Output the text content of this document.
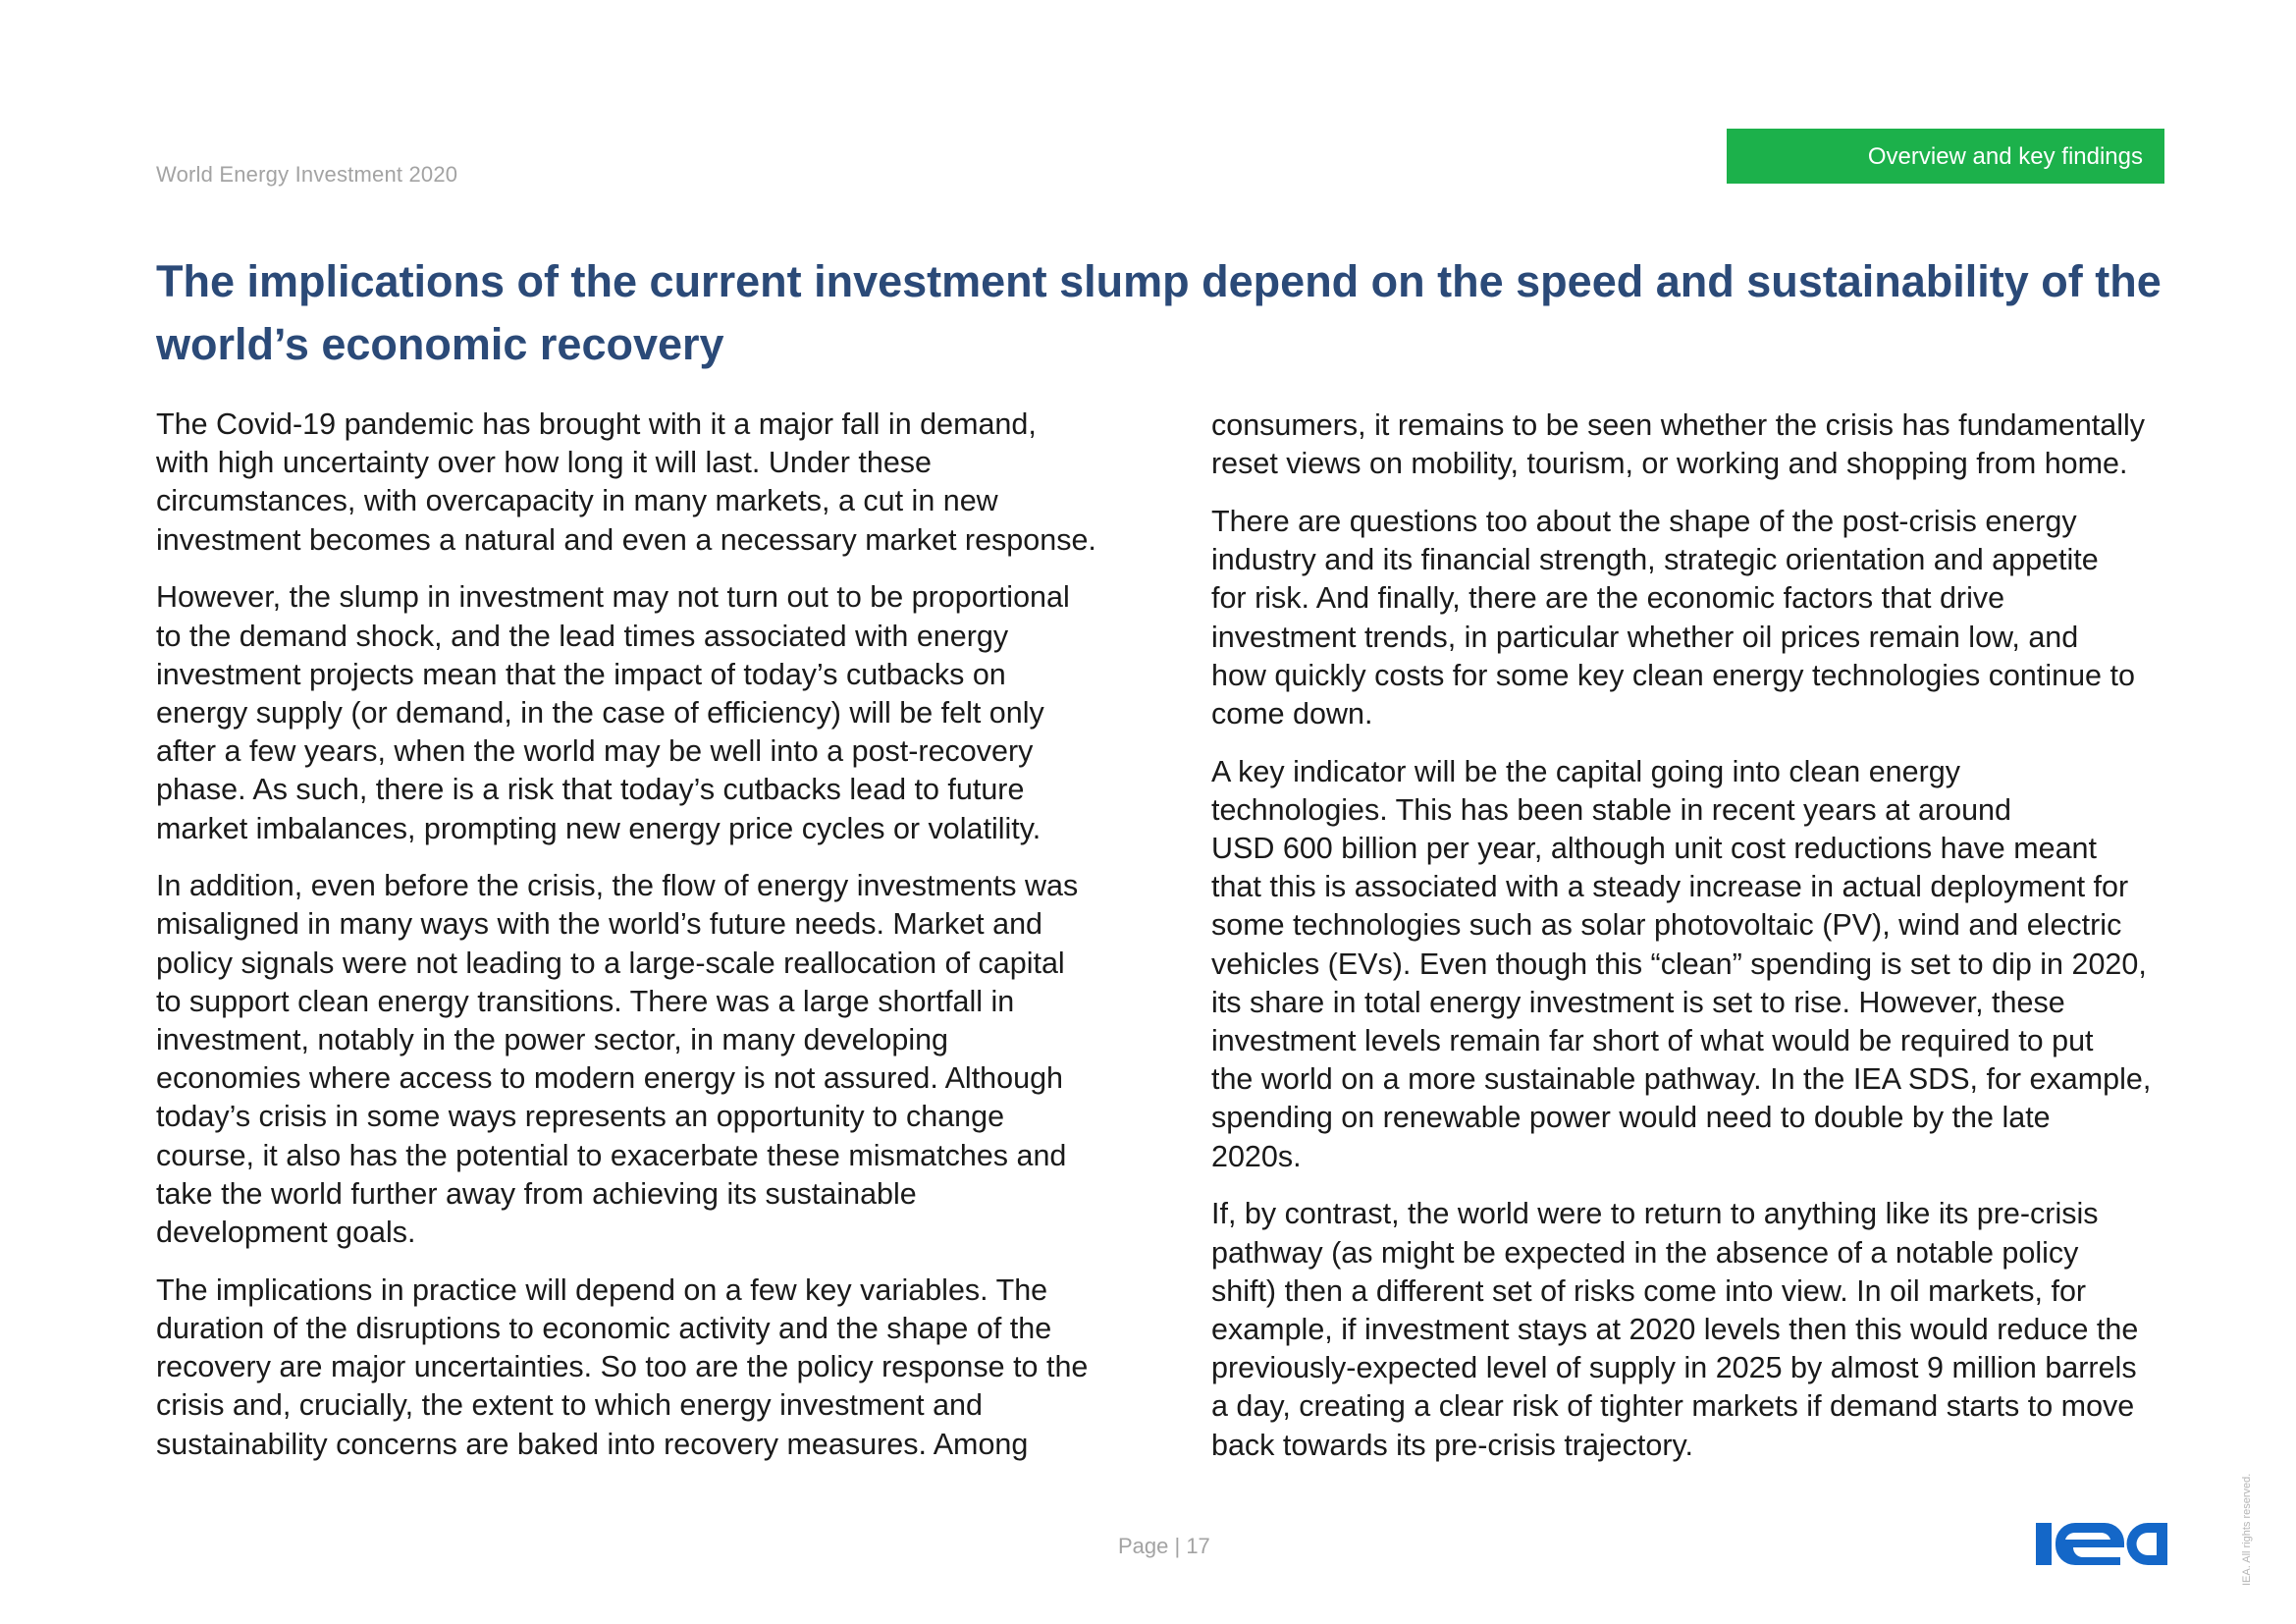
World Energy Investment 2020
Overview and key findings
The implications of the current investment slump depend on the speed and sustainability of the
world’s economic recovery

The Covid-19 pandemic has brought with it a major fall in demand,
with high uncertainty over how long it will last. Under these
circumstances, with overcapacity in many markets, a cut in new
investment becomes a natural and even a necessary market response.

However, the slump in investment may not turn out to be proportional
to the demand shock, and the lead times associated with energy
investment projects mean that the impact of today’s cutbacks on
energy supply (or demand, in the case of efficiency) will be felt only
after a few years, when the world may be well into a post-recovery
phase. As such, there is a risk that today’s cutbacks lead to future
market imbalances, prompting new energy price cycles or volatility.

In addition, even before the crisis, the flow of energy investments was
misaligned in many ways with the world’s future needs. Market and
policy signals were not leading to a large-scale reallocation of capital
to support clean energy transitions. There was a large shortfall in
investment, notably in the power sector, in many developing
economies where access to modern energy is not assured. Although
today’s crisis in some ways represents an opportunity to change
course, it also has the potential to exacerbate these mismatches and
take the world further away from achieving its sustainable
development goals.

The implications in practice will depend on a few key variables. The
duration of the disruptions to economic activity and the shape of the
recovery are major uncertainties. So too are the policy response to the
crisis and, crucially, the extent to which energy investment and
sustainability concerns are baked into recovery measures. Among

consumers, it remains to be seen whether the crisis has fundamentally
reset views on mobility, tourism, or working and shopping from home.

There are questions too about the shape of the post-crisis energy
industry and its financial strength, strategic orientation and appetite
for risk. And finally, there are the economic factors that drive
investment trends, in particular whether oil prices remain low, and
how quickly costs for some key clean energy technologies continue to
come down.

A key indicator will be the capital going into clean energy
technologies. This has been stable in recent years at around
USD 600 billion per year, although unit cost reductions have meant
that this is associated with a steady increase in actual deployment for
some technologies such as solar photovoltaic (PV), wind and electric
vehicles (EVs). Even though this “clean” spending is set to dip in 2020,
its share in total energy investment is set to rise. However, these
investment levels remain far short of what would be required to put
the world on a more sustainable pathway. In the IEA SDS, for example,
spending on renewable power would need to double by the late
2020s.

If, by contrast, the world were to return to anything like its pre-crisis
pathway (as might be expected in the absence of a notable policy
shift) then a different set of risks come into view. In oil markets, for
example, if investment stays at 2020 levels then this would reduce the
previously-expected level of supply in 2025 by almost 9 million barrels
a day, creating a clear risk of tighter markets if demand starts to move
back towards its pre-crisis trajectory.

Page | 17	IEA. All rights reserved.
